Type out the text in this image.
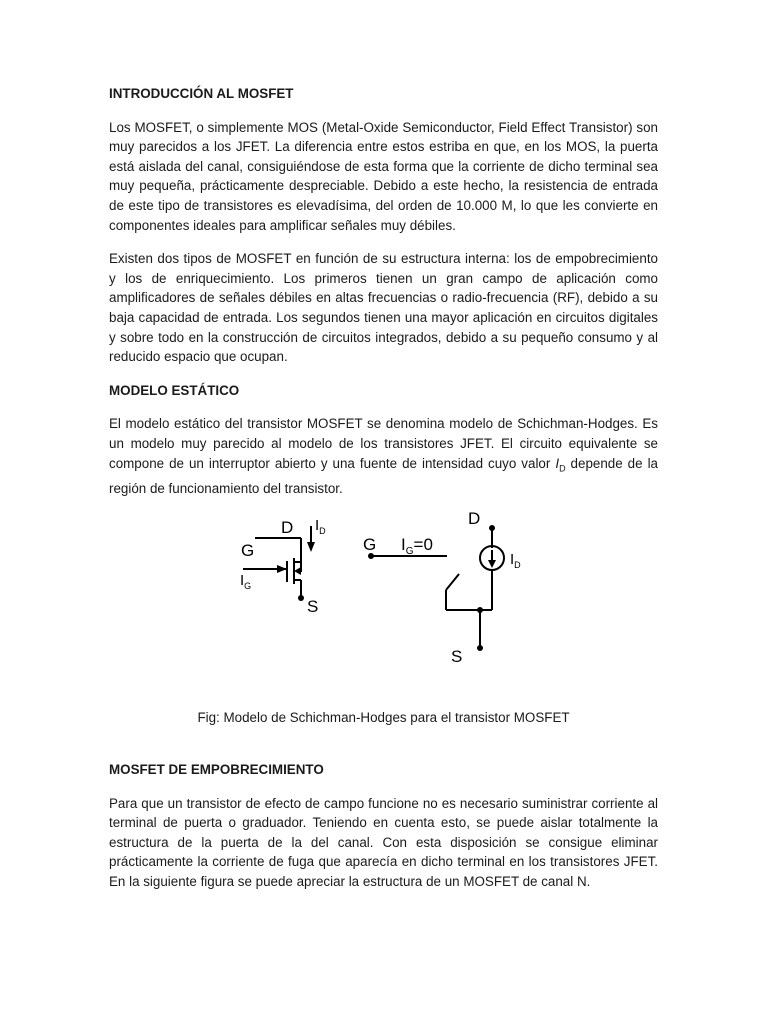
INTRODUCCIÓN AL MOSFET

Los MOSFET, o simplemente MOS (Metal-Oxide Semiconductor, Field Effect Transistor) son muy parecidos a los JFET. La diferencia entre estos estriba en que, en los MOS, la puerta está aislada del canal, consiguiéndose de esta forma que la corriente de dicho terminal sea muy pequeña, prácticamente despreciable. Debido a este hecho, la resistencia de entrada de este tipo de transistores es elevadísima, del orden de 10.000 M, lo que les convierte en componentes ideales para amplificar señales muy débiles.

Existen dos tipos de MOSFET en función de su estructura interna: los de empobrecimiento y los de enriquecimiento. Los primeros tienen un gran campo de aplicación como amplificadores de señales débiles en altas frecuencias o radio-frecuencia (RF), debido a su baja capacidad de entrada. Los segundos tienen una mayor aplicación en circuitos digitales y sobre todo en la construcción de circuitos integrados, debido a su pequeño consumo y al reducido espacio que ocupan.

MODELO ESTÁTICO

El modelo estático del transistor MOSFET se denomina modelo de Schichman-Hodges. Es un modelo muy parecido al modelo de los transistores JFET. El circuito equivalente se compone de un interruptor abierto y una fuente de intensidad cuyo valor $I_D$ depende de la región de funcionamiento del transistor.

G
D
S
$I_D$
$I_G$
G $I_G=0$
D
S
$I_D$
Fig: Modelo de Schichman-Hodges para el transistor MOSFET
MOSFET DE EMPOBRECIMIENTO

Para que un transistor de efecto de campo funcione no es necesario suministrar corriente al terminal de puerta o graduador. Teniendo en cuenta esto, se puede aislar totalmente la estructura de la puerta de la del canal. Con esta disposición se consigue eliminar prácticamente la corriente de fuga que aparecía en dicho terminal en los transistores JFET. En la siguiente figura se puede apreciar la estructura de un MOSFET de canal N.
